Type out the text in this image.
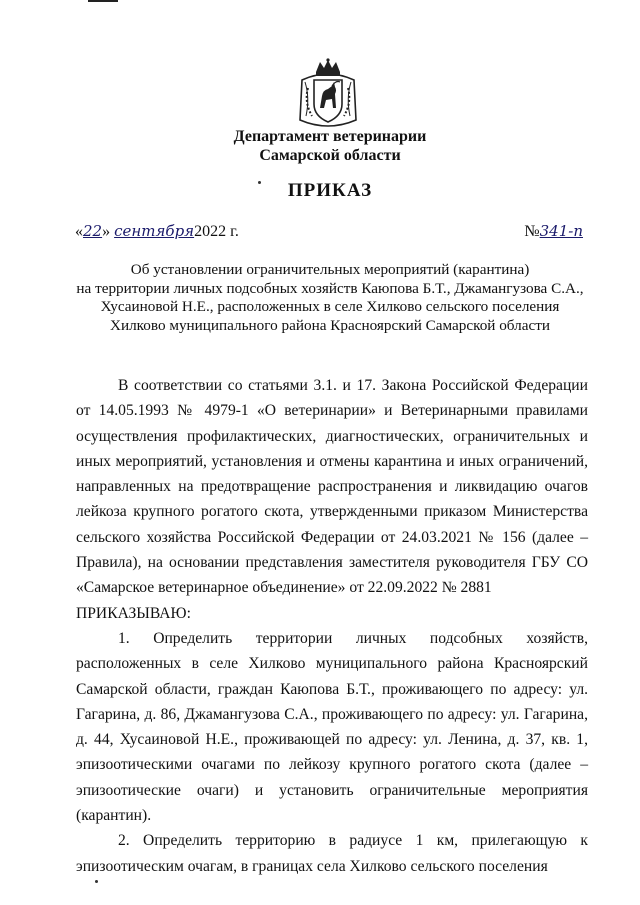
Департамент ветеринарии
Самарской области
ПРИКАЗ
«22» сентября2022 г.	№341-п
Об установлении ограничительных мероприятий (карантина)
на территории личных подсобных хозяйств Каюпова Б.Т., Джамангузова С.А.,
Хусаиновой Н.Е., расположенных в селе Хилково сельского поселения
Хилково муниципального района Красноярский Самарской области

В соответствии со статьями 3.1. и 17. Закона Российской Федерации от 14.05.1993 № 4979-1 «О ветеринарии» и Ветеринарными правилами осуществления профилактических, диагностических, ограничительных и иных мероприятий, установления и отмены карантина и иных ограничений, направленных на предотвращение распространения и ликвидацию очагов лейкоза крупного рогатого скота, утвержденными приказом Министерства сельского хозяйства Российской Федерации от 24.03.2021 № 156 (далее – Правила), на основании представления заместителя руководителя ГБУ СО «Самарское ветеринарное объединение» от 22.09.2022 № 2881

ПРИКАЗЫВАЮ:

1. Определить территории личных подсобных хозяйств, расположенных в селе Хилково муниципального района Красноярский Самарской области, граждан Каюпова Б.Т., проживающего по адресу: ул. Гагарина, д. 86, Джамангузова С.А., проживающего по адресу: ул. Гагарина, д. 44, Хусаиновой Н.Е., проживающей по адресу: ул. Ленина, д. 37, кв. 1, эпизоотическими очагами по лейкозу крупного рогатого скота (далее – эпизоотические очаги) и установить ограничительные мероприятия (карантин).

2. Определить территорию в радиусе 1 км, прилегающую к эпизоотическим очагам, в границах села Хилково сельского поселения
